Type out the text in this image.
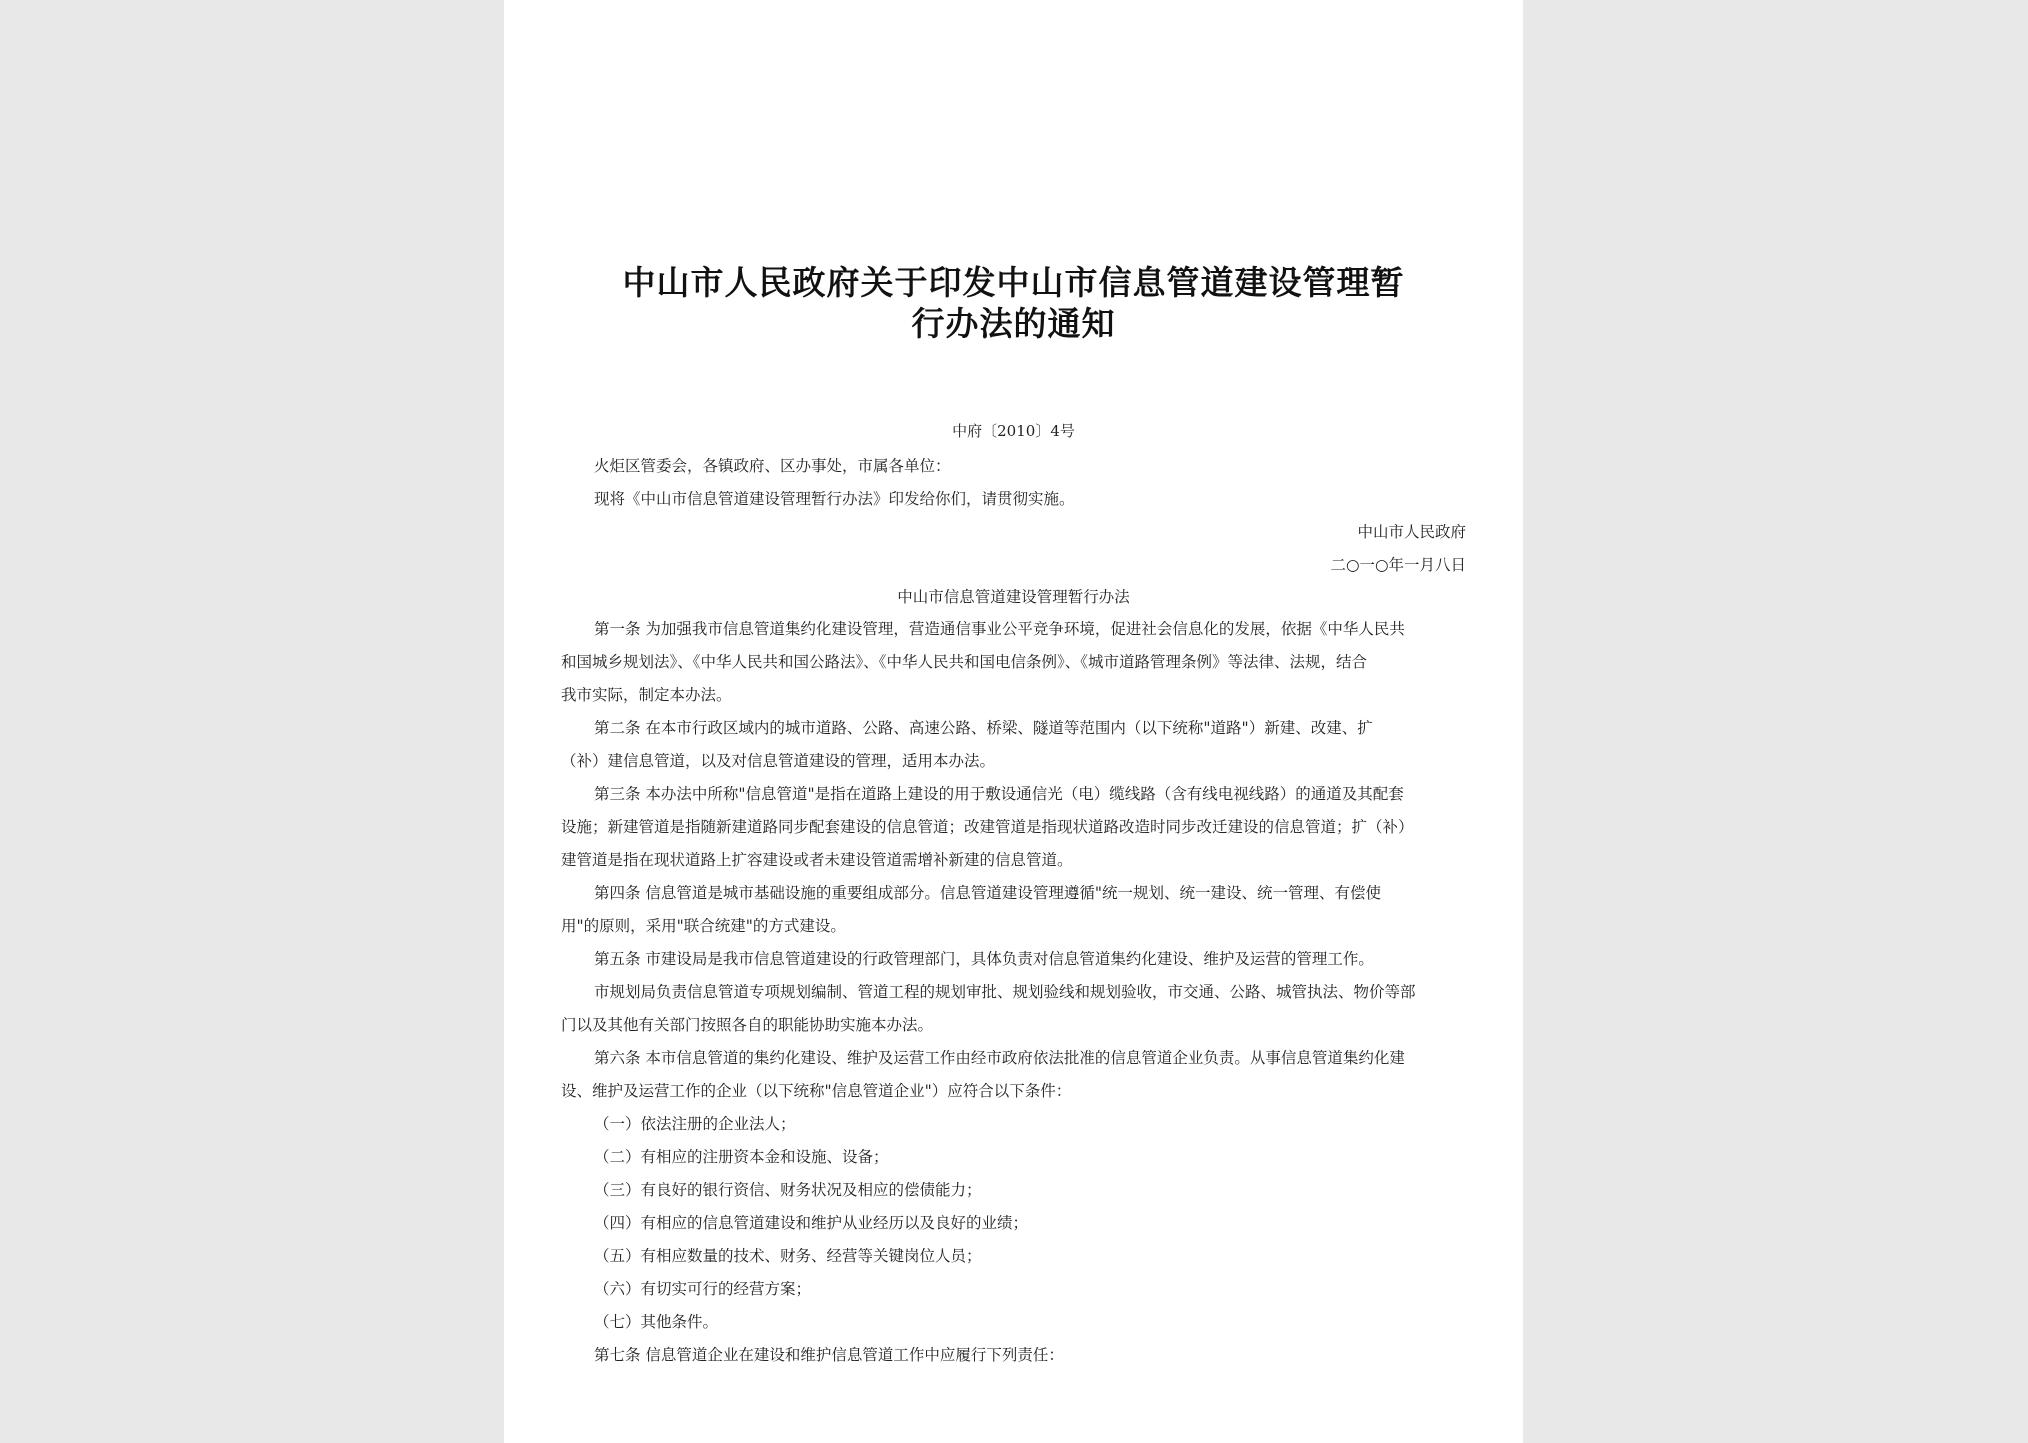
中山市人民政府关于印发中山市信息管道建设管理暂
行办法的通知
中府〔2010〕4号
火炬区管委会，各镇政府、区办事处，市属各单位：
现将《中山市信息管道建设管理暂行办法》印发给你们，请贯彻实施。
中山市人民政府
二○一○年一月八日
中山市信息管道建设管理暂行办法
第一条 为加强我市信息管道集约化建设管理，营造通信事业公平竞争环境，促进社会信息化的发展，依据《中华人民共
和国城乡规划法》、《中华人民共和国公路法》、《中华人民共和国电信条例》、《城市道路管理条例》等法律、法规，结合
我市实际，制定本办法。
第二条 在本市行政区域内的城市道路、公路、高速公路、桥梁、隧道等范围内（以下统称"道路"）新建、改建、扩
（补）建信息管道，以及对信息管道建设的管理，适用本办法。
第三条 本办法中所称"信息管道"是指在道路上建设的用于敷设通信光（电）缆线路（含有线电视线路）的通道及其配套
设施；新建管道是指随新建道路同步配套建设的信息管道；改建管道是指现状道路改造时同步改迁建设的信息管道；扩（补）
建管道是指在现状道路上扩容建设或者未建设管道需增补新建的信息管道。
第四条 信息管道是城市基础设施的重要组成部分。信息管道建设管理遵循"统一规划、统一建设、统一管理、有偿使
用"的原则，采用"联合统建"的方式建设。
第五条 市建设局是我市信息管道建设的行政管理部门，具体负责对信息管道集约化建设、维护及运营的管理工作。
市规划局负责信息管道专项规划编制、管道工程的规划审批、规划验线和规划验收，市交通、公路、城管执法、物价等部
门以及其他有关部门按照各自的职能协助实施本办法。
第六条 本市信息管道的集约化建设、维护及运营工作由经市政府依法批准的信息管道企业负责。从事信息管道集约化建
设、维护及运营工作的企业（以下统称"信息管道企业"）应符合以下条件：
（一）依法注册的企业法人；
（二）有相应的注册资本金和设施、设备；
（三）有良好的银行资信、财务状况及相应的偿债能力；
（四）有相应的信息管道建设和维护从业经历以及良好的业绩；
（五）有相应数量的技术、财务、经营等关键岗位人员；
（六）有切实可行的经营方案；
（七）其他条件。
第七条 信息管道企业在建设和维护信息管道工作中应履行下列责任：
